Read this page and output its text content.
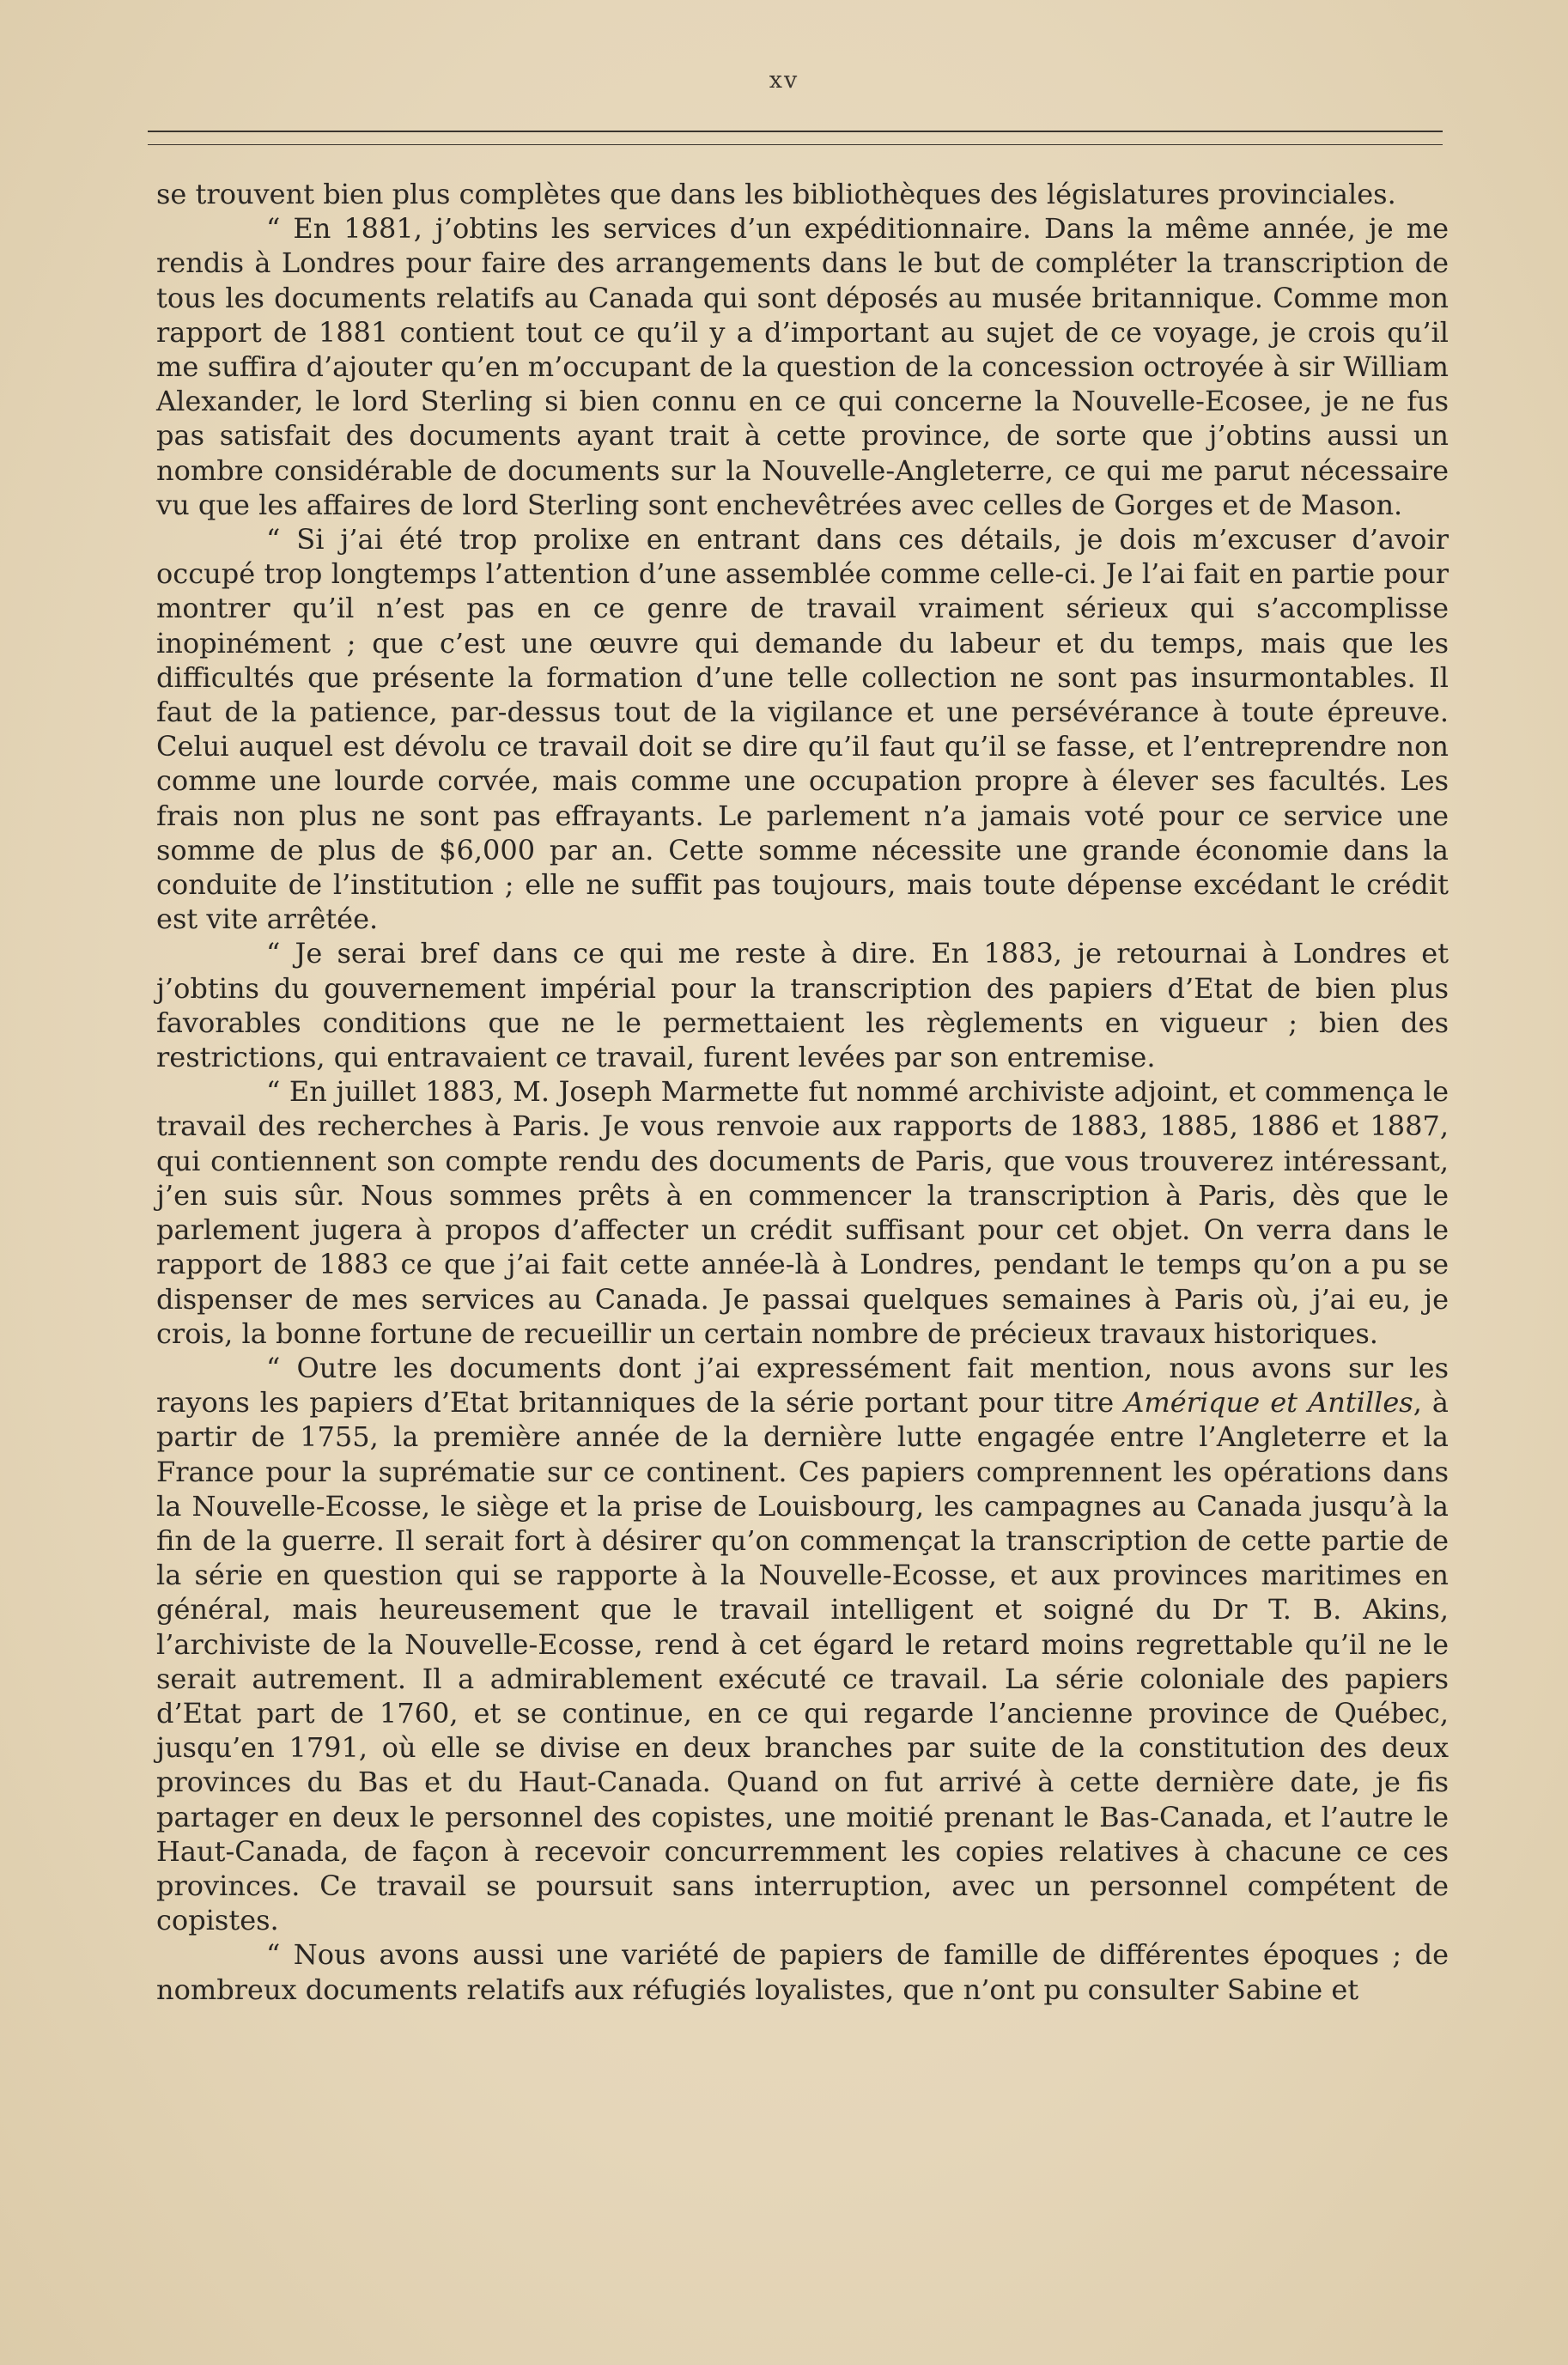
xv

se trouvent bien plus complètes que dans les bibliothèques des législatures provinciales.

“ En 1881, j’obtins les services d’un expéditionnaire. Dans la même année, je me rendis à Londres pour faire des arrangements dans le but de compléter la transcription de tous les documents relatifs au Canada qui sont déposés au musée britannique. Comme mon rapport de 1881 contient tout ce qu’il y a d’important au sujet de ce voyage, je crois qu’il me suffira d’ajouter qu’en m’occupant de la question de la concession octroyée à sir William Alexander, le lord Sterling si bien connu en ce qui concerne la Nouvelle-Ecosee, je ne fus pas satisfait des documents ayant trait à cette province, de sorte que j’obtins aussi un nombre considérable de documents sur la Nouvelle-Angleterre, ce qui me parut nécessaire vu que les affaires de lord Sterling sont enchevêtrées avec celles de Gorges et de Mason.

“ Si j’ai été trop prolixe en entrant dans ces détails, je dois m’excuser d’avoir occupé trop longtemps l’attention d’une assemblée comme celle-ci. Je l’ai fait en partie pour montrer qu’il n’est pas en ce genre de travail vraiment sérieux qui s’accomplisse inopinément ; que c’est une œuvre qui demande du labeur et du temps, mais que les difficultés que présente la formation d’une telle collection ne sont pas insurmontables. Il faut de la patience, par-dessus tout de la vigilance et une persévérance à toute épreuve. Celui auquel est dévolu ce travail doit se dire qu’il faut qu’il se fasse, et l’entreprendre non comme une lourde corvée, mais comme une occupation propre à élever ses facultés. Les frais non plus ne sont pas effrayants. Le parlement n’a jamais voté pour ce service une somme de plus de $6,000 par an. Cette somme nécessite une grande économie dans la conduite de l’institution ; elle ne suffit pas toujours, mais toute dépense excédant le crédit est vite arrêtée.

“ Je serai bref dans ce qui me reste à dire. En 1883, je retournai à Londres et j’obtins du gouvernement impérial pour la transcription des papiers d’Etat de bien plus favorables conditions que ne le permettaient les règlements en vigueur ; bien des restrictions, qui entravaient ce travail, furent levées par son entremise.

“ En juillet 1883, M. Joseph Marmette fut nommé archiviste adjoint, et commença le travail des recherches à Paris. Je vous renvoie aux rapports de 1883, 1885, 1886 et 1887, qui contiennent son compte rendu des documents de Paris, que vous trouverez intéressant, j’en suis sûr. Nous sommes prêts à en commencer la transcription à Paris, dès que le parlement jugera à propos d’affecter un crédit suffisant pour cet objet. On verra dans le rapport de 1883 ce que j’ai fait cette année-là à Londres, pendant le temps qu’on a pu se dispenser de mes services au Canada. Je passai quelques semaines à Paris où, j’ai eu, je crois, la bonne fortune de recueillir un certain nombre de précieux travaux historiques.

“ Outre les documents dont j’ai expressément fait mention, nous avons sur les rayons les papiers d’Etat britanniques de la série portant pour titre Amérique et Antilles, à partir de 1755, la première année de la dernière lutte engagée entre l’Angleterre et la France pour la suprématie sur ce continent. Ces papiers comprennent les opérations dans la Nouvelle-Ecosse, le siège et la prise de Louisbourg, les campagnes au Canada jusqu’à la fin de la guerre. Il serait fort à désirer qu’on commençat la transcription de cette partie de la série en question qui se rapporte à la Nouvelle-Ecosse, et aux provinces maritimes en général, mais heureusement que le travail intelligent et soigné du Dr T. B. Akins, l’archiviste de la Nouvelle-Ecosse, rend à cet égard le retard moins regrettable qu’il ne le serait autrement. Il a admirablement exécuté ce travail. La série coloniale des papiers d’Etat part de 1760, et se continue, en ce qui regarde l’ancienne province de Québec, jusqu’en 1791, où elle se divise en deux branches par suite de la constitution des deux provinces du Bas et du Haut-Canada. Quand on fut arrivé à cette dernière date, je fis partager en deux le personnel des copistes, une moitié prenant le Bas-Canada, et l’autre le Haut-Canada, de façon à recevoir concurremment les copies relatives à chacune ce ces provinces. Ce travail se poursuit sans interruption, avec un personnel compétent de copistes.

“ Nous avons aussi une variété de papiers de famille de différentes époques ; de nombreux documents relatifs aux réfugiés loyalistes, que n’ont pu consulter Sabine et
